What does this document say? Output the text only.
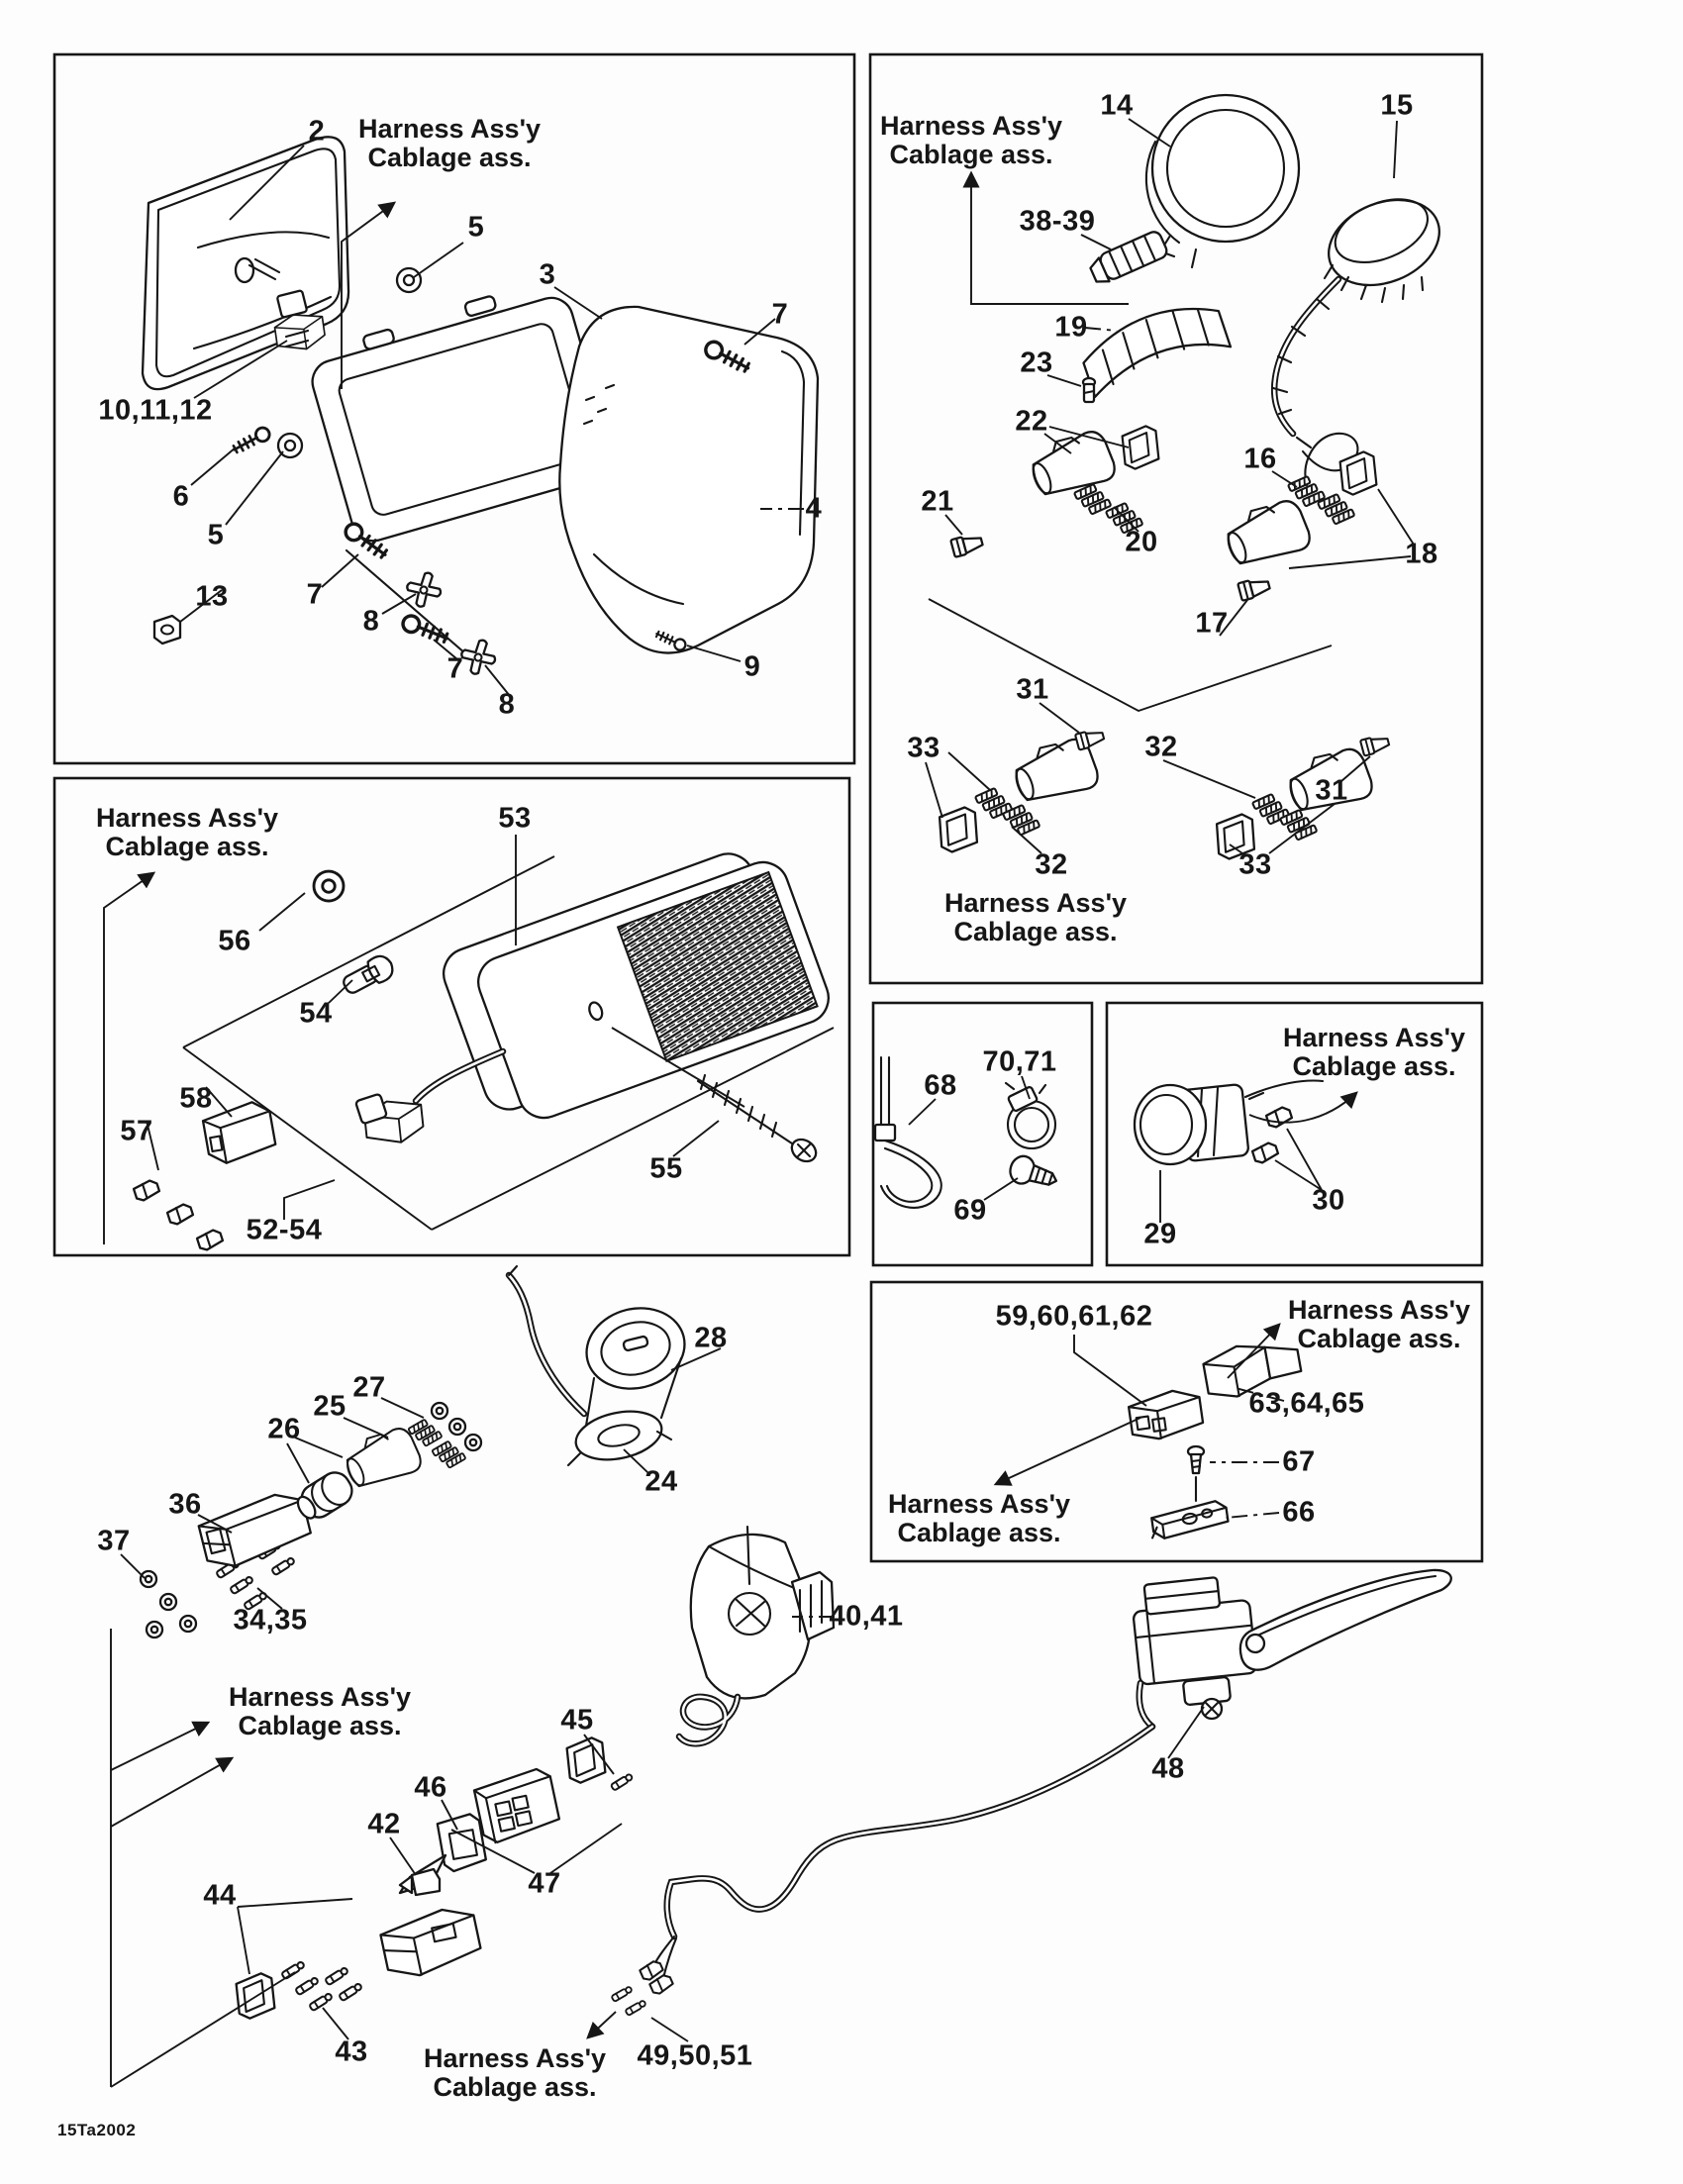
2 Harness Ass'y
Cablage ass.
5
3
7
10,11,12
6
5
4
13	7
8
7
8
9
Harness Ass'y
Cablage ass.
14	15
38-39
19
23
22
21
16
20	18
17
31
33
32
32
33
31
Harness Ass'y
Cablage ass.
Harness Ass'y
Cablage ass.
53
56
54
58
57
52-54
55
68
70,71
69
Harness Ass'y
Cablage ass.
29
30
59,60,61,62	Harness Ass'y
Cablage ass.
63,64,65
67
66
Harness Ass'y
Cablage ass.
28
24
27
25
26
36
37
34,35	40,41
Harness Ass'y
Cablage ass.	45
46
42
44	47
43	49,50,51
Harness Ass'y
Cablage ass.
48
15Ta2002
